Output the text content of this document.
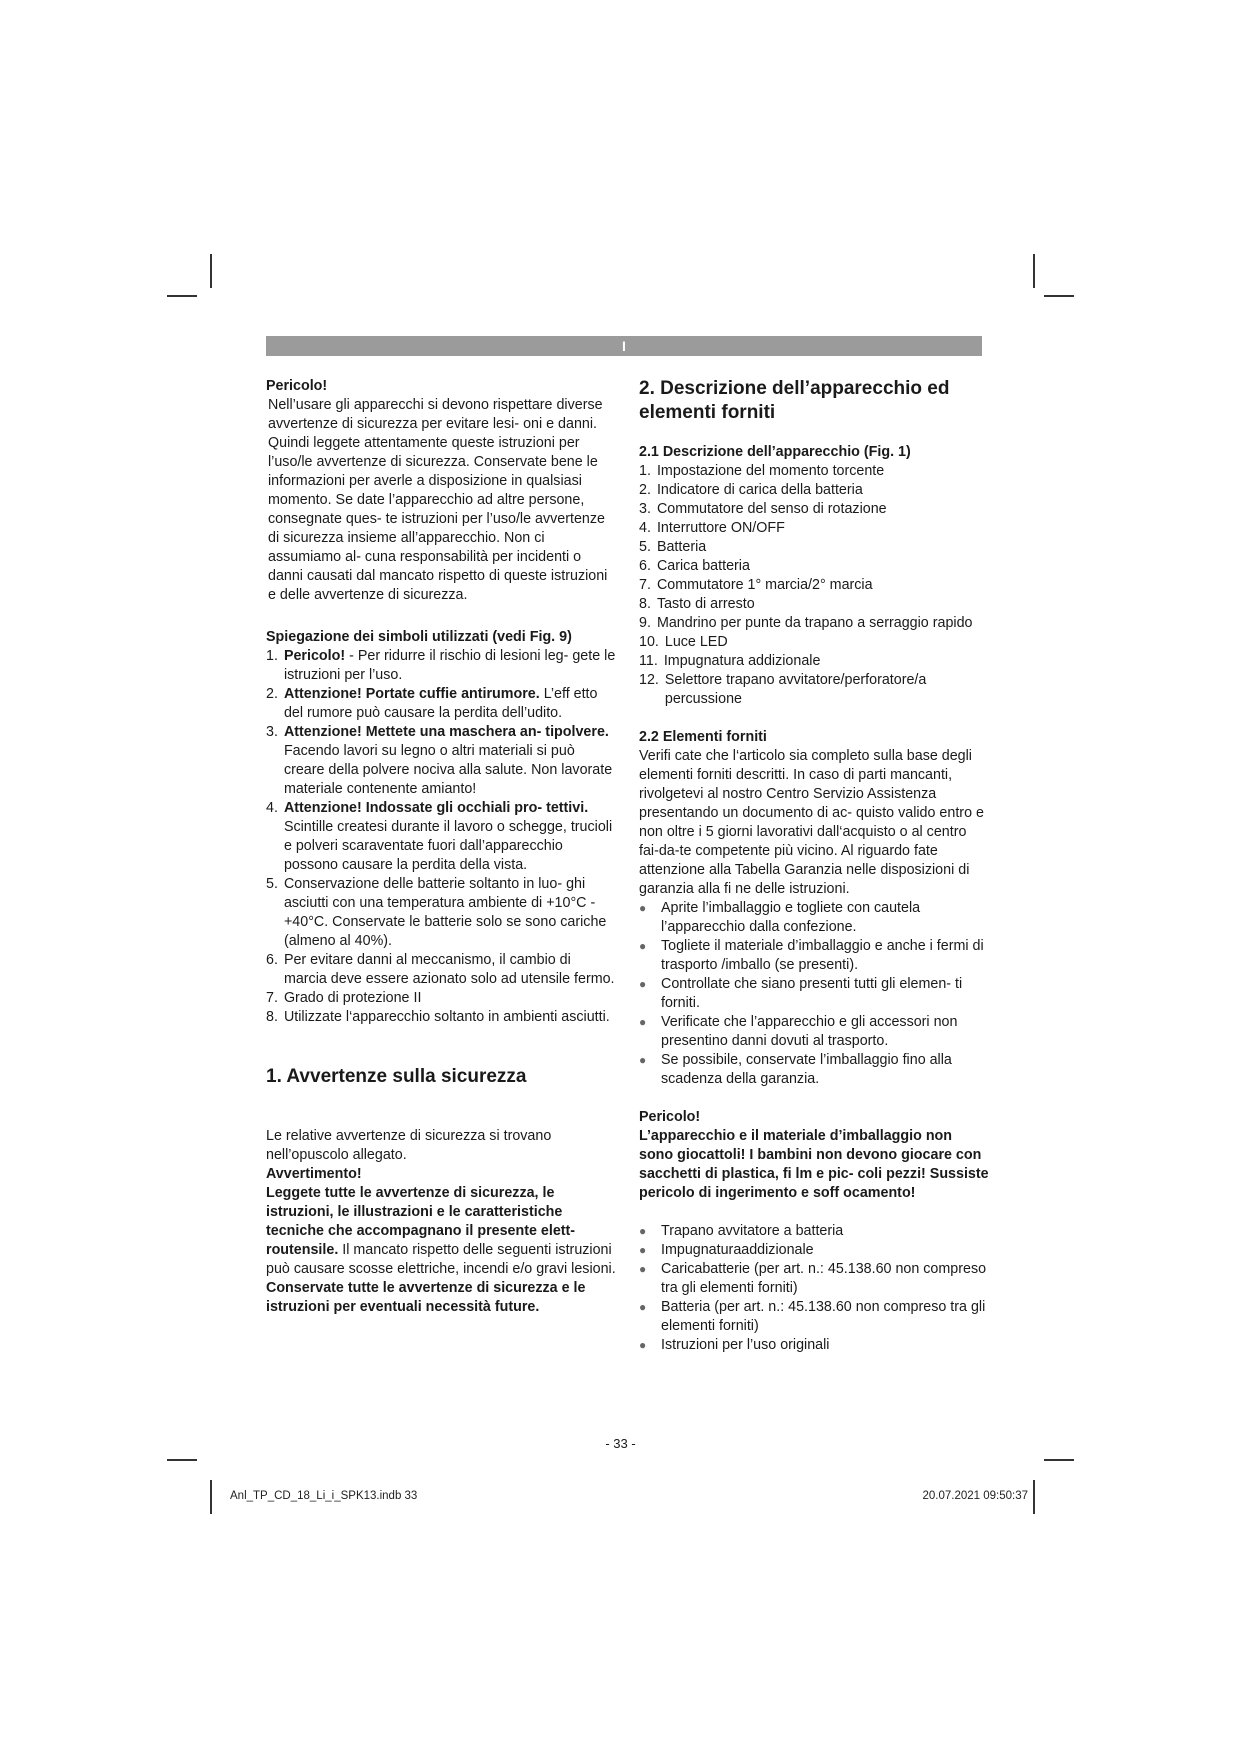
I

Pericolo!

Nell’usare gli apparecchi si devono rispettare diverse avvertenze di sicurezza per evitare lesi- oni e danni. Quindi leggete attentamente queste istruzioni per l’uso/le avvertenze di sicurezza. Conservate bene le informazioni per averle a disposizione in qualsiasi momento. Se date l’apparecchio ad altre persone, consegnate ques- te istruzioni per l’uso/le avvertenze di sicurezza insieme all’apparecchio. Non ci assumiamo al- cuna responsabilità per incidenti o danni causati dal mancato rispetto di queste istruzioni e delle avvertenze di sicurezza.

Spiegazione dei simboli utilizzati (vedi Fig. 9)

1. Pericolo! - Per ridurre il rischio di lesioni leg- gete le istruzioni per l’uso.
2. Attenzione! Portate cuffie antirumore. L’eff etto del rumore può causare la perdita dell’udito.
3. Attenzione! Mettete una maschera an- tipolvere. Facendo lavori su legno o altri materiali si può creare della polvere nociva alla salute. Non lavorate materiale contenente amianto!
4. Attenzione! Indossate gli occhiali pro- tettivi. Scintille createsi durante il lavoro o schegge, trucioli e polveri scaraventate fuori dall’apparecchio possono causare la perdita della vista.
5. Conservazione delle batterie soltanto in luo- ghi asciutti con una temperatura ambiente di +10°C - +40°C. Conservate le batterie solo se sono cariche (almeno al 40%).
6. Per evitare danni al meccanismo, il cambio di marcia deve essere azionato solo ad utensile fermo.
7. Grado di protezione II
8. Utilizzate l‘apparecchio soltanto in ambienti asciutti.

1. Avvertenze sulla sicurezza

Le relative avvertenze di sicurezza si trovano nell’opuscolo allegato.

Avvertimento!

Leggete tutte le avvertenze di sicurezza, le istruzioni, le illustrazioni e le caratteristiche tecniche che accompagnano il presente elett- routensile. Il mancato rispetto delle seguenti istruzioni può causare scosse elettriche, incendi e/o gravi lesioni.

Conservate tutte le avvertenze di sicurezza e le istruzioni per eventuali necessità future.

2. Descrizione dell’apparecchio ed elementi forniti

2.1 Descrizione dell’apparecchio (Fig. 1)

1. Impostazione del momento torcente
2. Indicatore di carica della batteria
3. Commutatore del senso di rotazione
4. Interruttore ON/OFF
5. Batteria
6. Carica batteria
7. Commutatore 1° marcia/2° marcia
8. Tasto di arresto
9. Mandrino per punte da trapano a serraggio rapido
10. Luce LED
11. Impugnatura addizionale
12. Selettore trapano avvitatore/perforatore/a percussione

2.2 Elementi forniti

Verifi cate che l‘articolo sia completo sulla base degli elementi forniti descritti. In caso di parti mancanti, rivolgetevi al nostro Centro Servizio Assistenza presentando un documento di ac- quisto valido entro e non oltre i 5 giorni lavorativi dall‘acquisto o al centro fai-da-te competente più vicino. Al riguardo fate attenzione alla Tabella Garanzia nelle disposizioni di garanzia alla fi ne delle istruzioni.

●	Aprite l’imballaggio e togliete con cautela l’apparecchio dalla confezione.
●	Togliete il materiale d’imballaggio e anche i fermi di trasporto /imballo (se presenti).
●	Controllate che siano presenti tutti gli elemen- ti forniti.
●	Verificate che l’apparecchio e gli accessori non presentino danni dovuti al trasporto.
●	Se possibile, conservate l’imballaggio fino alla scadenza della garanzia.

Pericolo!

L’apparecchio e il materiale d’imballaggio non sono giocattoli! I bambini non devono giocare con sacchetti di plastica, fi lm e pic- coli pezzi! Sussiste pericolo di ingerimento e soff ocamento!

●	Trapano avvitatore a batteria
●	Impugnaturaaddizionale
●	Caricabatterie (per art. n.: 45.138.60 non compreso tra gli elementi forniti)
●	Batteria (per art. n.: 45.138.60 non compreso tra gli elementi forniti)
●	Istruzioni per l’uso originali
- 33 -
Anl_TP_CD_18_Li_i_SPK13.indb 33	20.07.2021 09:50:37
